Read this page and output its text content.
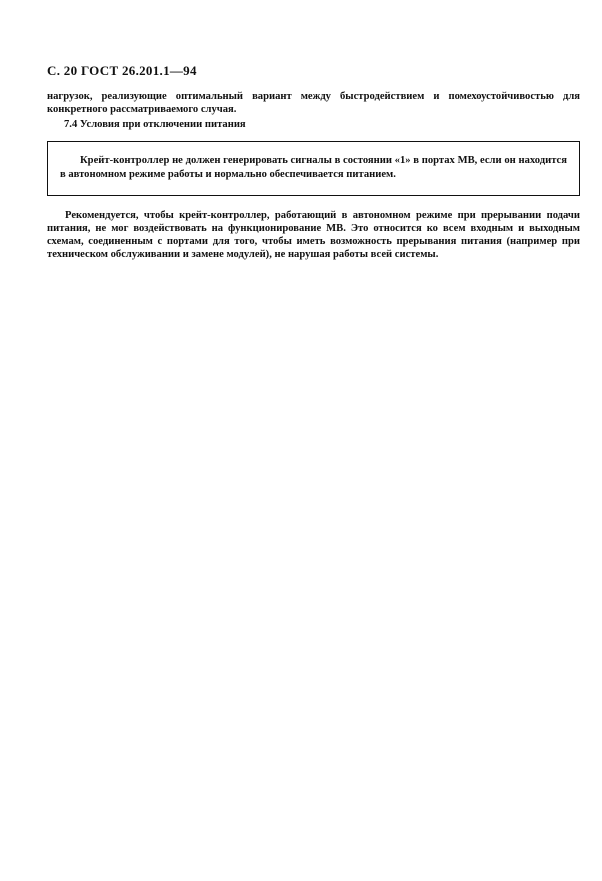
С. 20 ГОСТ 26.201.1—94

нагрузок, реализующие оптимальный вариант между быстродействием и помехоустойчивостью для конкретного рассматриваемого случая.

7.4 Условия при отключении питания

Крейт-контроллер не должен генерировать сигналы в состоянии «1» в портах МВ, если он находится в автономном режиме работы и нормально обеспечивается питанием.

Рекомендуется, чтобы крейт-контроллер, работающий в автономном режиме при прерывании подачи питания, не мог воздействовать на функционирование МВ. Это относится ко всем входным и выходным схемам, соединенным с портами для того, чтобы иметь возможность прерывания питания (например при техническом обслуживании и замене модулей), не нарушая работы всей системы.
